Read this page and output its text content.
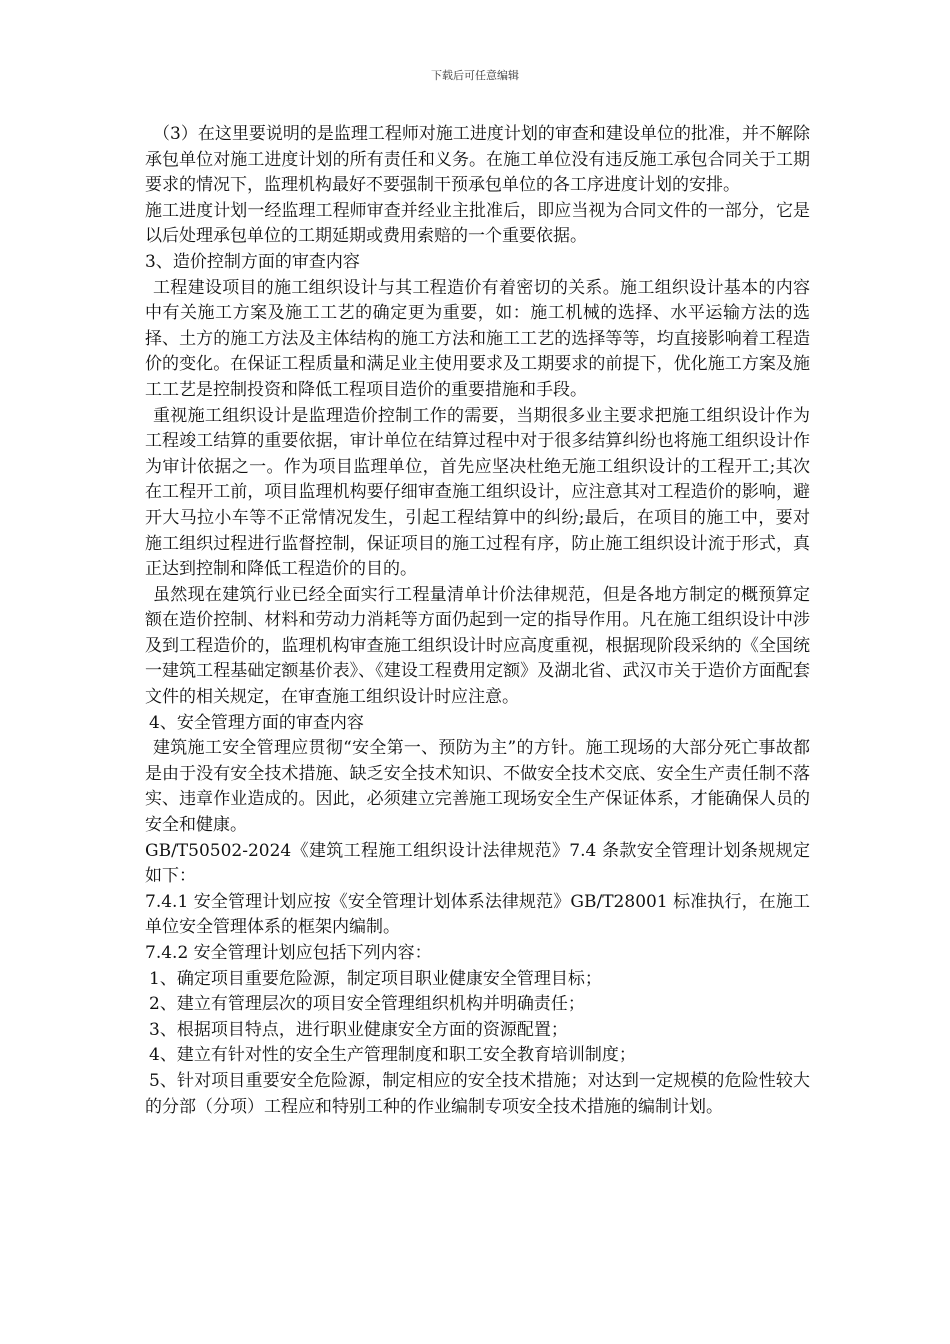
下载后可任意编辑

（3）在这里要说明的是监理工程师对施工进度计划的审查和建设单位的批准，并不解除承包单位对施工进度计划的所有责任和义务。在施工单位没有违反施工承包合同关于工期要求的情况下，监理机构最好不要强制干预承包单位的各工序进度计划的安排。

施工进度计划一经监理工程师审查并经业主批准后，即应当视为合同文件的一部分，它是以后处理承包单位的工期延期或费用索赔的一个重要依据。

3、造价控制方面的审查内容

工程建设项目的施工组织设计与其工程造价有着密切的关系。施工组织设计基本的内容中有关施工方案及施工工艺的确定更为重要，如：施工机械的选择、水平运输方法的选择、土方的施工方法及主体结构的施工方法和施工工艺的选择等等，均直接影响着工程造价的变化。在保证工程质量和满足业主使用要求及工期要求的前提下，优化施工方案及施工工艺是控制投资和降低工程项目造价的重要措施和手段。

重视施工组织设计是监理造价控制工作的需要，当期很多业主要求把施工组织设计作为工程竣工结算的重要依据，审计单位在结算过程中对于很多结算纠纷也将施工组织设计作为审计依据之一。作为项目监理单位，首先应坚决杜绝无施工组织设计的工程开工;其次在工程开工前，项目监理机构要仔细审查施工组织设计，应注意其对工程造价的影响，避开大马拉小车等不正常情况发生，引起工程结算中的纠纷;最后，在项目的施工中，要对施工组织过程进行监督控制，保证项目的施工过程有序，防止施工组织设计流于形式，真正达到控制和降低工程造价的目的。

虽然现在建筑行业已经全面实行工程量清单计价法律规范，但是各地方制定的概预算定额在造价控制、材料和劳动力消耗等方面仍起到一定的指导作用。凡在施工组织设计中涉及到工程造价的，监理机构审查施工组织设计时应高度重视，根据现阶段采纳的《全国统一建筑工程基础定额基价表》、《建设工程费用定额》及湖北省、武汉市关于造价方面配套文件的相关规定，在审查施工组织设计时应注意。

4、安全管理方面的审查内容

建筑施工安全管理应贯彻“安全第一、预防为主”的方针。施工现场的大部分死亡事故都是由于没有安全技术措施、缺乏安全技术知识、不做安全技术交底、安全生产责任制不落实、违章作业造成的。因此，必须建立完善施工现场安全生产保证体系，才能确保人员的安全和健康。

GB/T50502-2024《建筑工程施工组织设计法律规范》7.4 条款安全管理计划条规规定如下：

7.4.1 安全管理计划应按《安全管理计划体系法律规范》GB/T28001 标准执行，在施工单位安全管理体系的框架内编制。

7.4.2 安全管理计划应包括下列内容：

1、确定项目重要危险源，制定项目职业健康安全管理目标；

2、建立有管理层次的项目安全管理组织机构并明确责任；

3、根据项目特点，进行职业健康安全方面的资源配置；

4、建立有针对性的安全生产管理制度和职工安全教育培训制度；

5、针对项目重要安全危险源，制定相应的安全技术措施；对达到一定规模的危险性较大的分部（分项）工程应和特别工种的作业编制专项安全技术措施的编制计划。
